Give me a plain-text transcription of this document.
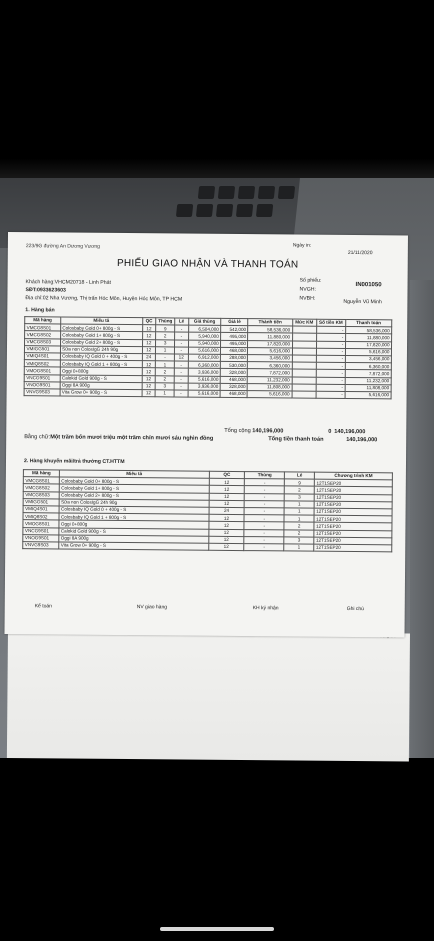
223/9G đường An Dương Vương	Ngày in:
21/11/2020
PHIẾU GIAO NHẬN VÀ THANH TOÁN
Khách hàng:VHCM20718 - Linh Phát
SĐT:0933623603
Địa chỉ:02 Nha Vương, Thị trấn Hóc Môn, Huyện Hóc Môn, TP HCM
Số phiếu:
IN001050
NVGH:
NVBH:
Nguyễn Vũ Minh
1. Hàng bán
Mã hàng	Miêu tả	QC	Thùng	Lẻ	Giá thùng	Giá lẻ	Thành tiền	Mức KM	Số tiền KM	Thanh toán
VMCG8S01	Colosbaby Gold 0+ 800g - S	12	9	-	6,504,000	542,000	58,536,000		-	58,536,000
VMCG8S02	Colosbaby Gold 1+ 800g - S	12	2	-	5,940,000	495,000	11,880,000		-	11,880,000
VMCG8S03	Colosbaby Gold 2+ 800g - S	12	3	-	5,940,000	495,000	17,820,000		-	17,820,000
VMIGG501	Sữa non ColosIgG 24h 90g	12	1	-	5,616,000	468,000	5,616,000		-	5,616,000
VMIQ4S01	Colosbaby IQ Gold 0 + 400g - S	24	-	12	6,912,000	288,000	3,456,000		-	3,456,000
VMIQ8S02	Colosbaby IQ Gold 1 + 800g - S	12	1	-	6,360,000	530,000	6,360,000		-	6,360,000
VMOG8S01	Oggi 0+800g	12	2	-	3,936,000	328,000	7,872,000		-	7,872,000
VNCG9S01	Calokid Gold 900g - S	12	2	-	5,616,000	468,000	11,232,000		-	11,232,000
VNOG9S01	Oggi 8A 900g	12	3	-	3,936,000	328,000	11,808,000		-	11,808,000
VNVG9S03	Vita Grow 0+ 900g - S	12	1	-	5,616,000	468,000	5,616,000		-	5,616,000
Tổng cộng 140,196,000	0 140,196,000
Bằng chữ: Một trăm bốn mươi triệu một trăm chín mươi sáu nghìn đồng	Tổng tiền thanh toán	140,196,000
2. Hàng khuyến mãi/trả thưởng CT.HTTM
Mã hàng	Miêu tả	QC	Thùng	Lẻ	Chương trình KM
VMCG8S01	Colosbaby Gold 0+ 800g - S	12	-	9	12T1SEP20
VMCG8S02	Colosbaby Gold 1+ 800g - S	12	-	2	12T1SEP20
VMCG8S03	Colosbaby Gold 2+ 800g - S	12	-	3	12T1SEP20
VMIGG501	Sữa non ColosIgG 24h 90g	12	-	1	12T1SEP20
VMIQ4S01	Colosbaby IQ Gold 0 + 400g - S	24	-	1	12T1SEP20
VMIQ8S02	Colosbaby IQ Gold 1 + 800g - S	12	-	1	12T1SEP20
VMOG8S01	Oggi 0+800g	12	-	2	12T1SEP20
VNCG9S01	Calokid Gold 900g - S	12	-	2	12T1SEP20
VNOG9S01	Oggi 8A 900g	12	-	3	12T1SEP20
VNVG9S03	Vita Grow 0+ 900g - S	12	-	1	12T1SEP20
Kế toán	NV giao hàng	KH ký nhận	Ghi chú
